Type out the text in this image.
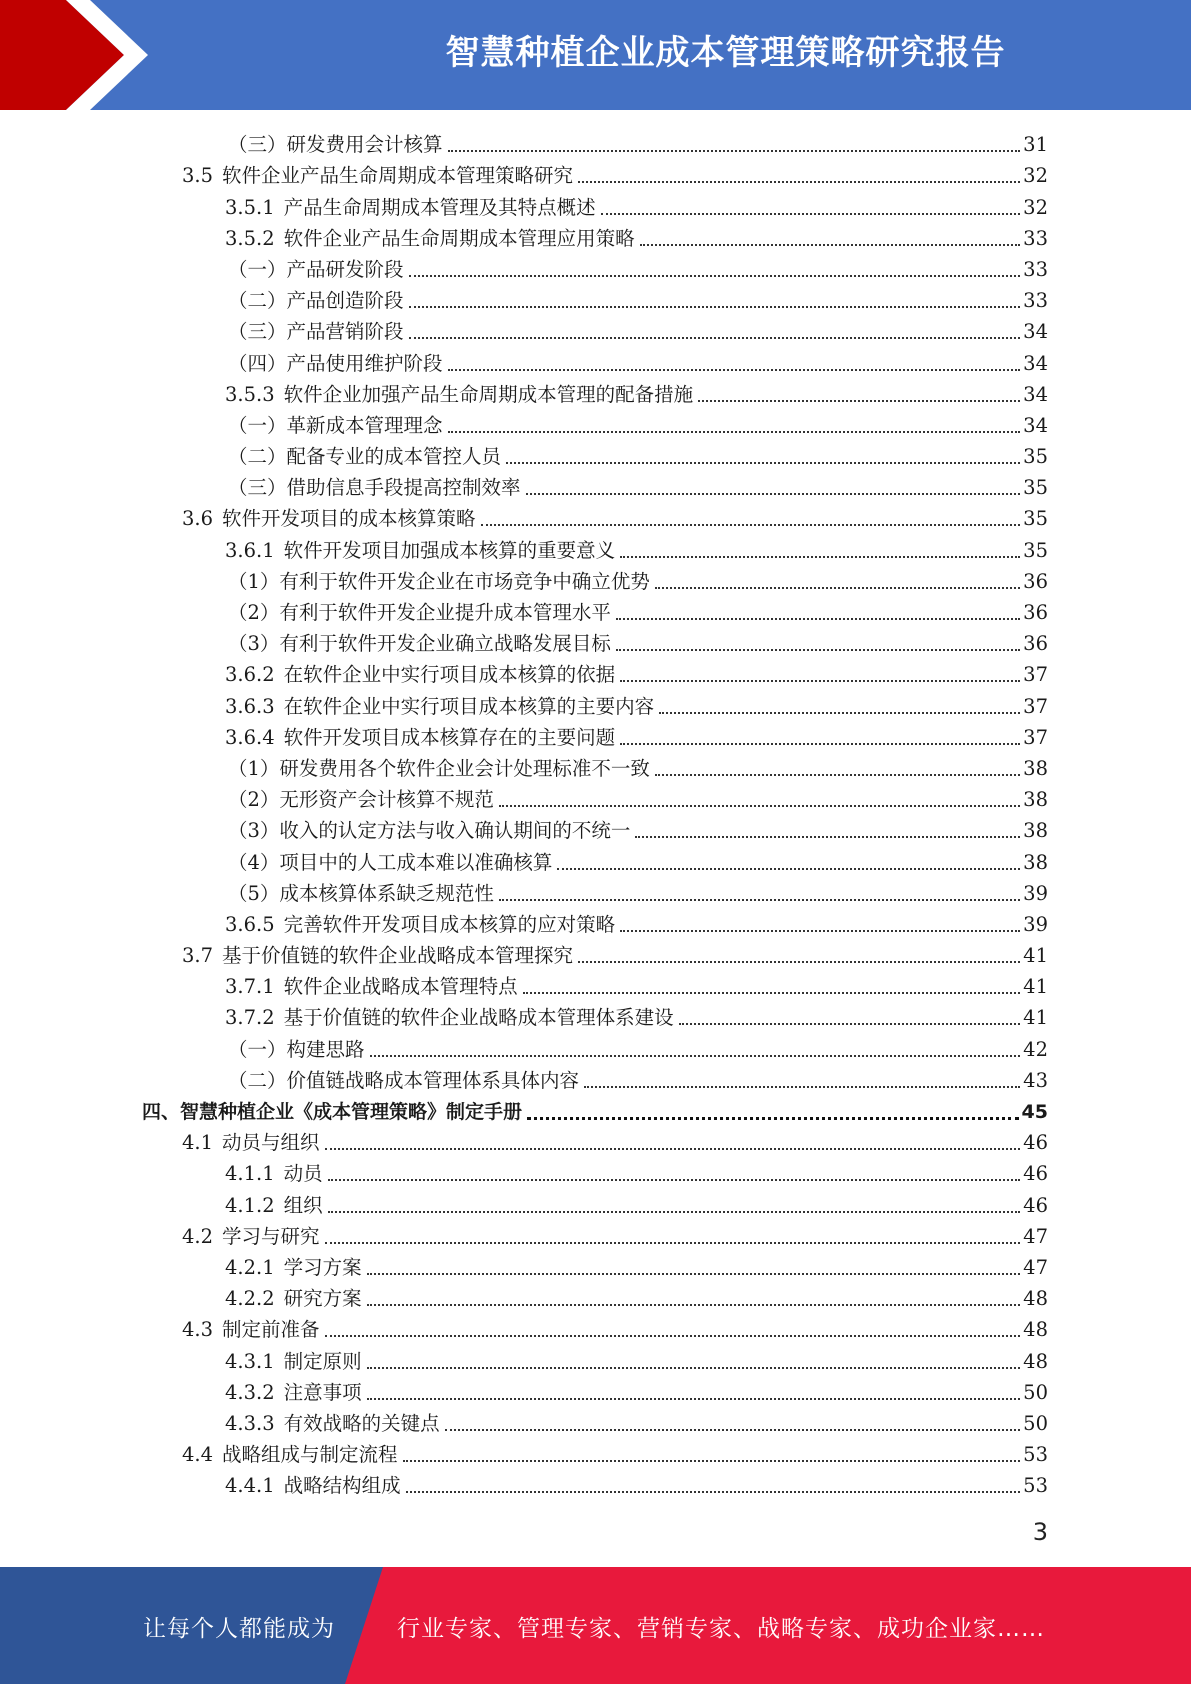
智慧种植企业成本管理策略研究报告
（三）研发费用会计核算	31
3.5 软件企业产品生命周期成本管理策略研究	32
3.5.1 产品生命周期成本管理及其特点概述	32
3.5.2 软件企业产品生命周期成本管理应用策略	33
（一）产品研发阶段	33
（二）产品创造阶段	33
（三）产品营销阶段	34
（四）产品使用维护阶段	34
3.5.3 软件企业加强产品生命周期成本管理的配备措施	34
（一）革新成本管理理念	34
（二）配备专业的成本管控人员	35
（三）借助信息手段提高控制效率	35
3.6 软件开发项目的成本核算策略	35
3.6.1 软件开发项目加强成本核算的重要意义	35
（1）有利于软件开发企业在市场竞争中确立优势	36
（2）有利于软件开发企业提升成本管理水平	36
（3）有利于软件开发企业确立战略发展目标	36
3.6.2 在软件企业中实行项目成本核算的依据	37
3.6.3 在软件企业中实行项目成本核算的主要内容	37
3.6.4 软件开发项目成本核算存在的主要问题	37
（1）研发费用各个软件企业会计处理标准不一致	38
（2）无形资产会计核算不规范	38
（3）收入的认定方法与收入确认期间的不统一	38
（4）项目中的人工成本难以准确核算	38
（5）成本核算体系缺乏规范性	39
3.6.5 完善软件开发项目成本核算的应对策略	39
3.7 基于价值链的软件企业战略成本管理探究	41
3.7.1 软件企业战略成本管理特点	41
3.7.2 基于价值链的软件企业战略成本管理体系建设	41
（一）构建思路	42
（二）价值链战略成本管理体系具体内容	43
四、智慧种植企业《成本管理策略》制定手册	45
4.1 动员与组织	46
4.1.1 动员	46
4.1.2 组织	46
4.2 学习与研究	47
4.2.1 学习方案	47
4.2.2 研究方案	48
4.3 制定前准备	48
4.3.1 制定原则	48
4.3.2 注意事项	50
4.3.3 有效战略的关键点	50
4.4 战略组成与制定流程	53
4.4.1 战略结构组成	53
3
让每个人都能成为	行业专家、管理专家、营销专家、战略专家、成功企业家……
